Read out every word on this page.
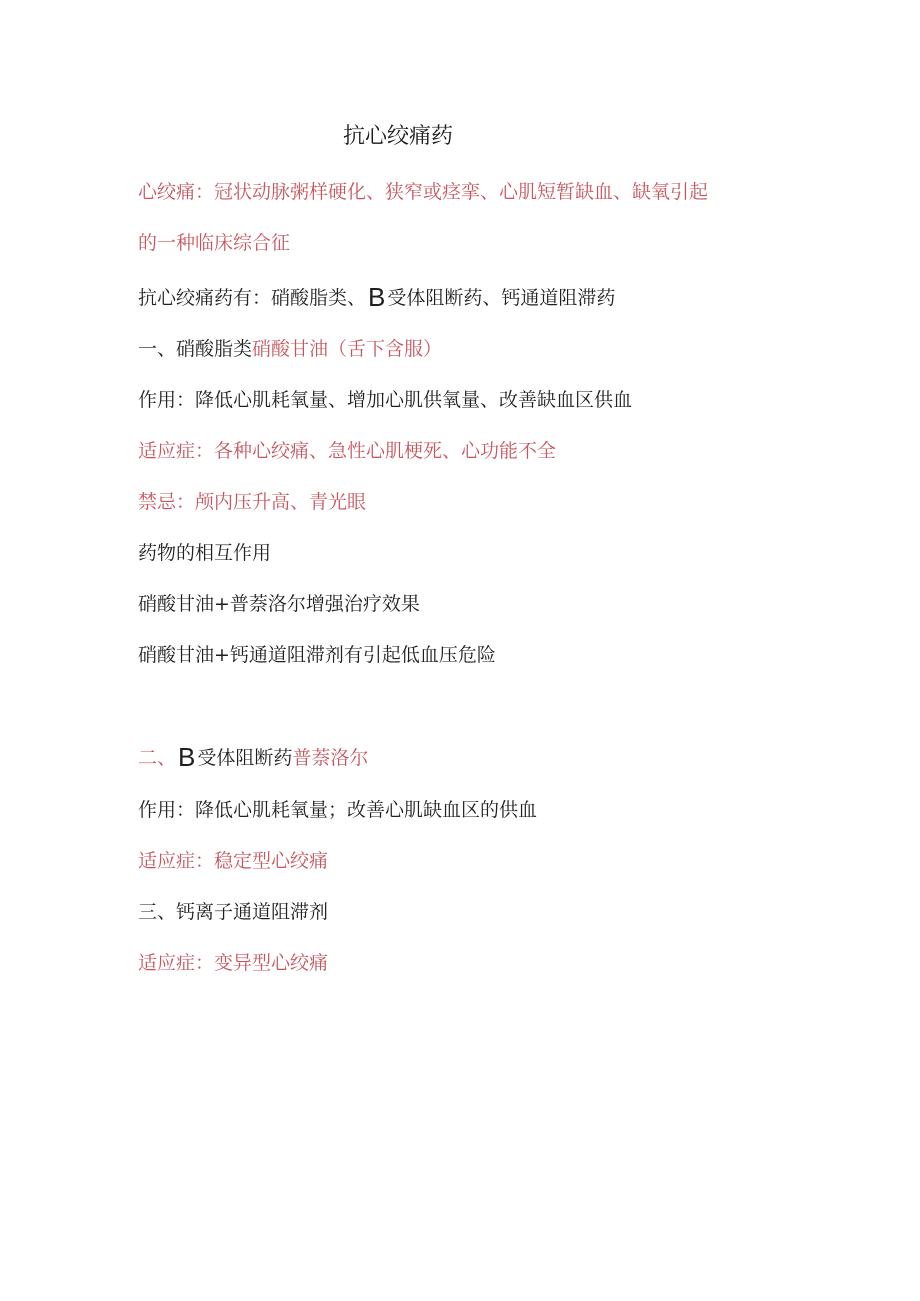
抗心绞痛药
心绞痛：冠状动脉粥样硬化、狭窄或痉挛、心肌短暂缺血、缺氧引起
的一种临床综合征
抗心绞痛药有：硝酸脂类、B 受体阻断药、钙通道阻滞药
一、硝酸脂类硝酸甘油（舌下含服）
作用：降低心肌耗氧量、增加心肌供氧量、改善缺血区供血
适应症：各种心绞痛、急性心肌梗死、心功能不全
禁忌：颅内压升高、青光眼
药物的相互作用
硝酸甘油+普萘洛尔增强治疗效果
硝酸甘油+钙通道阻滞剂有引起低血压危险
二、B 受体阻断药普萘洛尔
作用：降低心肌耗氧量；改善心肌缺血区的供血
适应症：稳定型心绞痛
三、钙离子通道阻滞剂
适应症：变异型心绞痛
